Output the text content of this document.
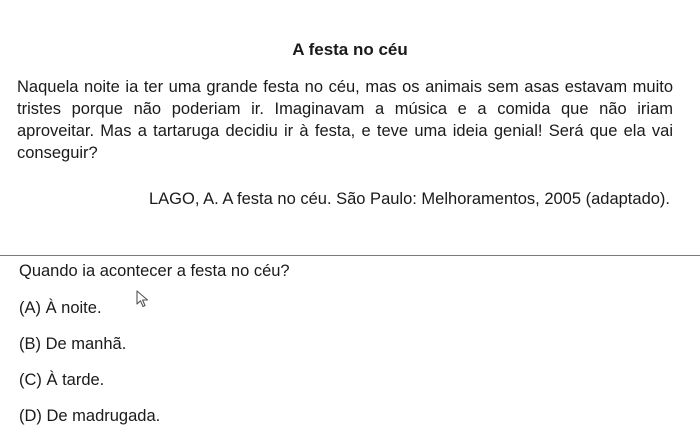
A festa no céu

Naquela noite ia ter uma grande festa no céu, mas os animais sem asas estavam muito tristes porque não poderiam ir. Imaginavam a música e a comida que não iriam aproveitar. Mas a tartaruga decidiu ir à festa, e teve uma ideia genial! Será que ela vai conseguir?

LAGO, A. A festa no céu. São Paulo: Melhoramentos, 2005 (adaptado).

Quando ia acontecer a festa no céu?

(A) À noite.
(B) De manhã.
(C) À tarde.
(D) De madrugada.
